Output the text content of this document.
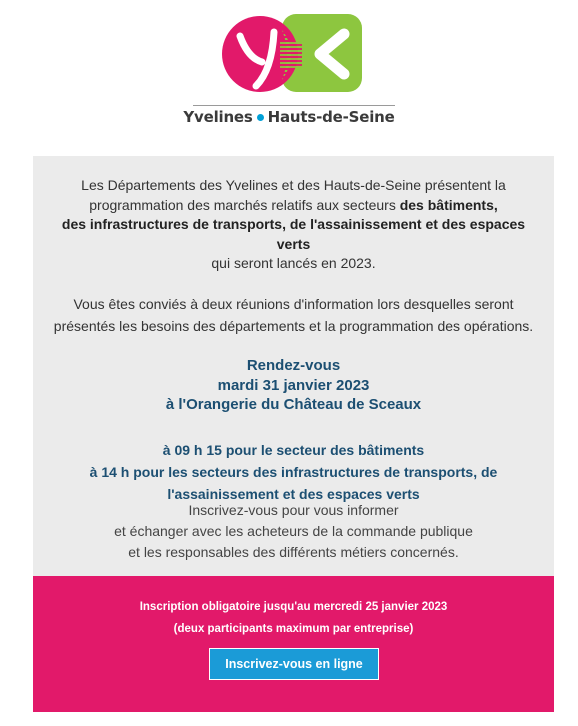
Yvelines Hauts-de-Seine
Les Départements des Yvelines et des Hauts-de-Seine présentent la
programmation des marchés relatifs aux secteurs des bâtiments,
des infrastructures de transports, de l'assainissement et des espaces
verts
qui seront lancés en 2023.
Vous êtes conviés à deux réunions d'information lors desquelles seront
présentés les besoins des départements et la programmation des opérations.
Rendez-vous
mardi 31 janvier 2023
à l'Orangerie du Château de Sceaux
à 09 h 15 pour le secteur des bâtiments
à 14 h pour les secteurs des infrastructures de transports, de
l'assainissement et des espaces verts
Inscrivez-vous pour vous informer
et échanger avec les acheteurs de la commande publique
et les responsables des différents métiers concernés.
Inscription obligatoire jusqu'au mercredi 25 janvier 2023
(deux participants maximum par entreprise)
Inscrivez-vous en ligne
